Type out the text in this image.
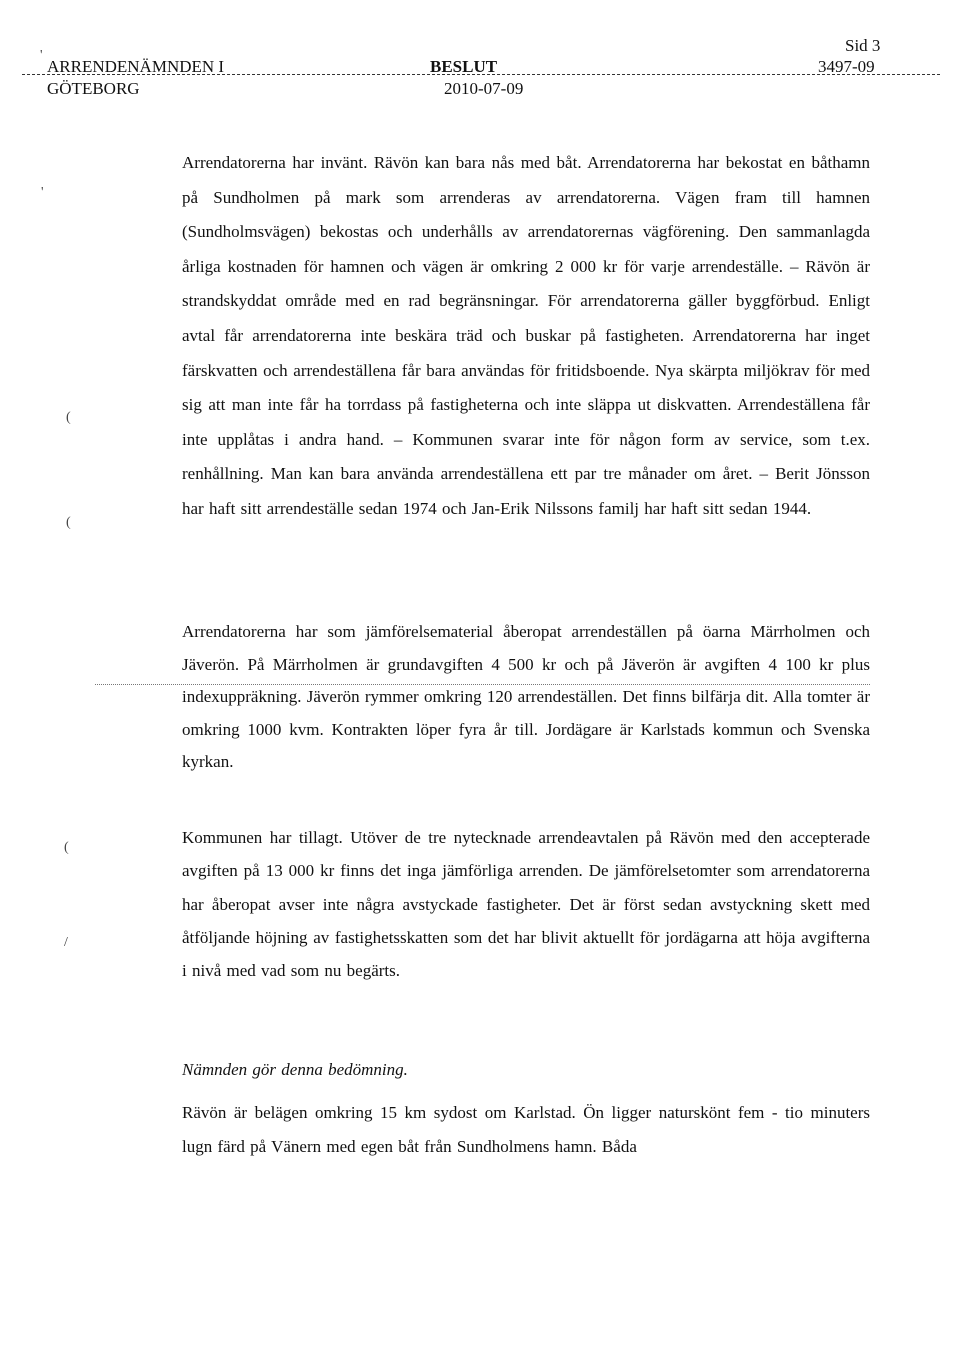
Sid 3
ARRENDENÄMNDEN I	BESLUT	3497-09
GÖTEBORG	2010-07-09
'
'
(
(
(
/

Arrendatorerna har invänt. Rävön kan bara nås med båt. Arrendatorerna har bekostat en båthamn på Sundholmen på mark som arrenderas av arrendatorerna. Vägen fram till hamnen (Sundholmsvägen) bekostas och underhålls av arrendatorernas vägförening. Den sammanlagda årliga kostnaden för hamnen och vägen är omkring 2 000 kr för varje arrendeställe. – Rävön är strandskyddat område med en rad begränsningar. För arrendatorerna gäller byggförbud. Enligt avtal får arrendatorerna inte beskära träd och buskar på fastigheten. Arrendatorerna har inget färskvatten och arrendeställena får bara användas för fritidsboende. Nya skärpta miljökrav för med sig att man inte får ha torrdass på fastigheterna och inte släppa ut diskvatten. Arrendeställena får inte upplåtas i andra hand. – Kommunen svarar inte för någon form av service, som t.ex. renhållning. Man kan bara använda arrendeställena ett par tre månader om året. – Berit Jönsson har haft sitt arrendeställe sedan 1974 och Jan-Erik Nilssons familj har haft sitt sedan 1944.

Arrendatorerna har som jämförelsematerial åberopat arrendeställen på öarna Märrholmen och Jäverön. På Märrholmen är grundavgiften 4 500 kr och på Jäverön är avgiften 4 100 kr plus indexuppräkning. Jäverön rymmer omkring 120 arrendeställen. Det finns bilfärja dit. Alla tomter är omkring 1000 kvm. Kontrakten löper fyra år till. Jordägare är Karlstads kommun och Svenska kyrkan.

Kommunen har tillagt. Utöver de tre nytecknade arrendeavtalen på Rävön med den accepterade avgiften på 13 000 kr finns det inga jämförliga arrenden. De jämförelsetomter som arrendatorerna har åberopat avser inte några avstyckade fastigheter. Det är först sedan avstyckning skett med åtföljande höjning av fastighetsskatten som det har blivit aktuellt för jordägarna att höja avgifterna i nivå med vad som nu begärts.

Nämnden gör denna bedömning.

Rävön är belägen omkring 15 km sydost om Karlstad. Ön ligger naturskönt fem - tio minuters lugn färd på Vänern med egen båt från Sundholmens hamn. Båda
